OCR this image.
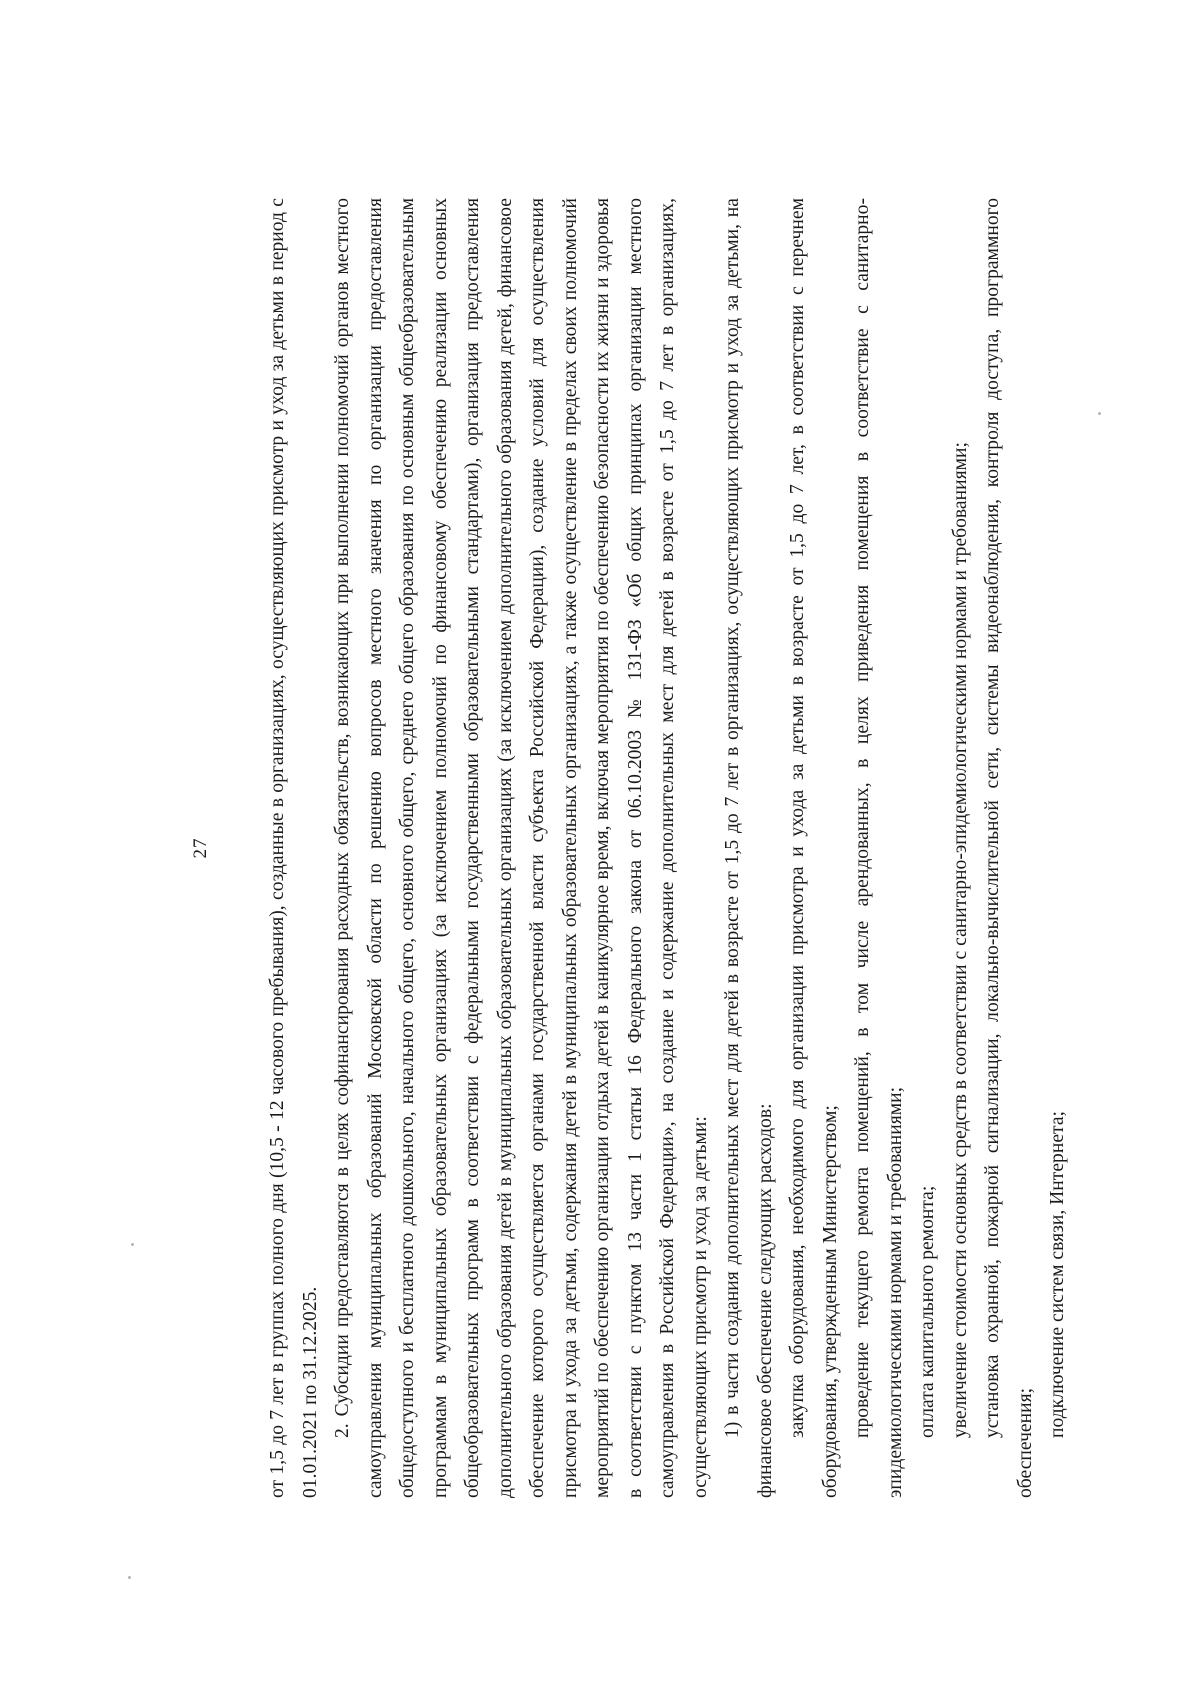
27	от 1,5 до 7 лет в группах полного дня (10,5 - 12 часового пребывания), созданные в организациях, осуществляющих присмотр и уход за детьми в период с 01.01.2021 по 31.12.2025. 2. Субсидии предоставляются в целях софинансирования расходных обязательств, возникающих при выполнении полномочий органов местного самоуправления муниципальных образований Московской области по решению вопросов местного значения по организации предоставления общедоступного и бесплатного дошкольного, начального общего, основного общего, среднего общего образования по основным общеобразовательным программам в муниципальных образовательных организациях (за исключением полномочий по финансовому обеспечению реализации основных общеобразовательных программ в соответствии с федеральными государственными образовательными стандартами), организация предоставления дополнительного образования детей в муниципальных образовательных организациях (за исключением дополнительного образования детей, финансовое обеспечение которого осуществляется органами государственной власти субъекта Российской Федерации), создание условий для осуществления присмотра и ухода за детьми, содержания детей в муниципальных образовательных организациях, а также осуществление в пределах своих полномочий мероприятий по обеспечению организации отдыха детей в каникулярное время, включая мероприятия по обеспечению безопасности их жизни и здоровья в соответствии с пунктом 13 части 1 статьи 16 Федерального закона от 06.10.2003 № 131-ФЗ «Об общих принципах организации местного самоуправления в Российской Федерации», на создание и содержание дополнительных мест для детей в возрасте от 1,5 до 7 лет в организациях, осуществляющих присмотр и уход за детьми: 1) в части создания дополнительных мест для детей в возрасте от 1,5 до 7 лет в организациях, осуществляющих присмотр и уход за детьми, на финансовое обеспечение следующих расходов: закупка оборудования, необходимого для организации присмотра и ухода за детьми в возрасте от 1,5 до 7 лет, в соответствии с перечнем оборудования, утвержденным Министерством; проведение текущего ремонта помещений, в том числе арендованных, в целях приведения помещения в соответствие с санитарно-эпидемиологическими нормами и требованиями; оплата капитального ремонта; увеличение стоимости основных средств в соответствии с санитарно-эпидемиологическими нормами и требованиями; установка охранной, пожарной сигнализации, локально-вычислительной сети, системы видеонаблюдения, контроля доступа, программного обеспечения;

подключение систем связи, Интернета;
